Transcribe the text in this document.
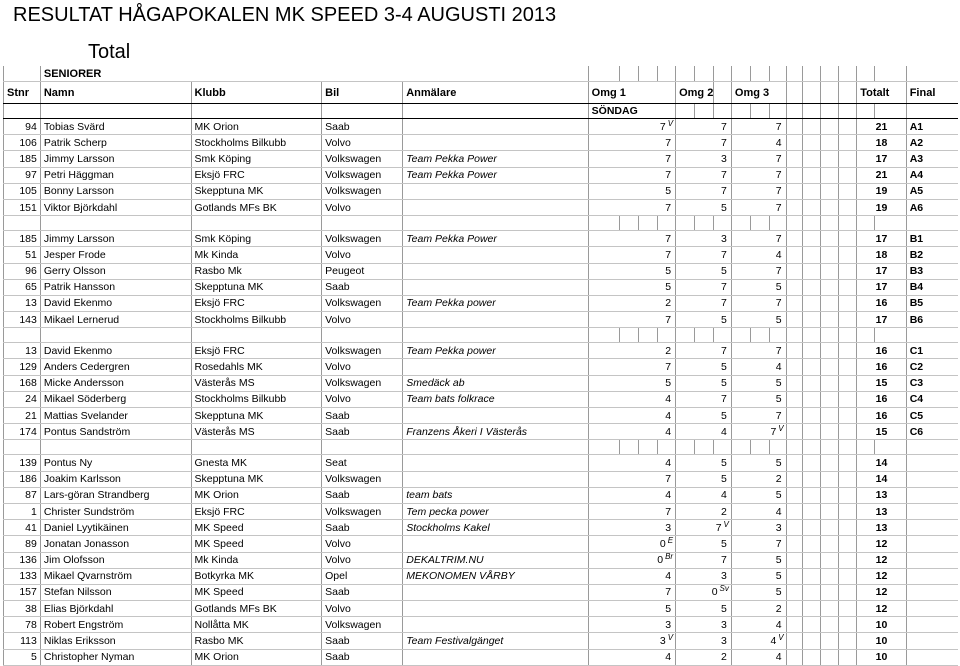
RESULTAT HÅGAPOKALEN MK SPEED 3-4 AUGUSTI 2013
Total
	SENIORER																				
Stnr	Namn	Klubb	Bil	Anmälare	Omg 1				Omg 2			Omg 3							Totalt		Final
					SÖNDAG																
94	Tobias Svärd	MK Orion	Saab		7 $^V$				7			7							21		A1
106	Patrik Scherp	Stockholms Bilkubb	Volvo		7				7			4							18		A2
185	Jimmy Larsson	Smk Köping	Volkswagen	Team Pekka Power	7				3			7							17		A3
97	Petri Häggman	Eksjö FRC	Volkswagen	Team Pekka Power	7				7			7							21		A4
105	Bonny Larsson	Skepptuna MK	Volkswagen		5				7			7							19		A5
151	Viktor Björkdahl	Gotlands MFs BK	Volvo		7				5			7							19		A6

185	Jimmy Larsson	Smk Köping	Volkswagen	Team Pekka Power	7				3			7							17		B1
51	Jesper Frode	Mk Kinda	Volvo		7				7			4							18		B2
96	Gerry Olsson	Rasbo Mk	Peugeot		5				5			7							17		B3
65	Patrik Hansson	Skepptuna MK	Saab		5				7			5							17		B4
13	David Ekenmo	Eksjö FRC	Volkswagen	Team Pekka power	2				7			7							16		B5
143	Mikael Lernerud	Stockholms Bilkubb	Volvo		7				5			5							17		B6

13	David Ekenmo	Eksjö FRC	Volkswagen	Team Pekka power	2				7			7							16		C1
129	Anders Cedergren	Rosedahls MK	Volvo		7				5			4							16		C2
168	Micke Andersson	Västerås MS	Volkswagen	Smedäck ab	5				5			5							15		C3
24	Mikael Söderberg	Stockholms Bilkubb	Volvo	Team bats folkrace	4				7			5							16		C4
21	Mattias Svelander	Skepptuna MK	Saab		4				5			7							16		C5
174	Pontus Sandström	Västerås MS	Saab	Franzens Åkeri I Västerås	4				4			7 $^V$							15		C6

139	Pontus Ny	Gnesta MK	Seat		4				5			5							14		
186	Joakim Karlsson	Skepptuna MK	Volkswagen		7				5			2							14		
87	Lars-göran Strandberg	MK Orion	Saab	team bats	4				4			5							13		
1	Christer Sundström	Eksjö FRC	Volkswagen	Tem pecka power	7				2			4							13		
41	Daniel Lyytikäinen	MK Speed	Saab	Stockholms Kakel	3				7 $^V$			3							13		
89	Jonatan Jonasson	MK Speed	Volvo		0 $^E$				5			7							12		
136	Jim Olofsson	Mk Kinda	Volvo	DEKALTRIM.NU	0 $^{Br}$				7			5							12		
133	Mikael Qvarnström	Botkyrka MK	Opel	MEKONOMEN VÅRBY	4				3			5							12		
157	Stefan Nilsson	MK Speed	Saab		7				0 $^{Sv}$			5							12		
38	Elias Björkdahl	Gotlands MFs BK	Volvo		5				5			2							12		
78	Robert Engström	Nollåtta MK	Volkswagen		3				3			4							10		
113	Niklas Eriksson	Rasbo MK	Saab	Team Festivalgänget	3 $^V$				3			4 $^V$							10		
5	Christopher Nyman	MK Orion	Saab		4				2			4							10		
